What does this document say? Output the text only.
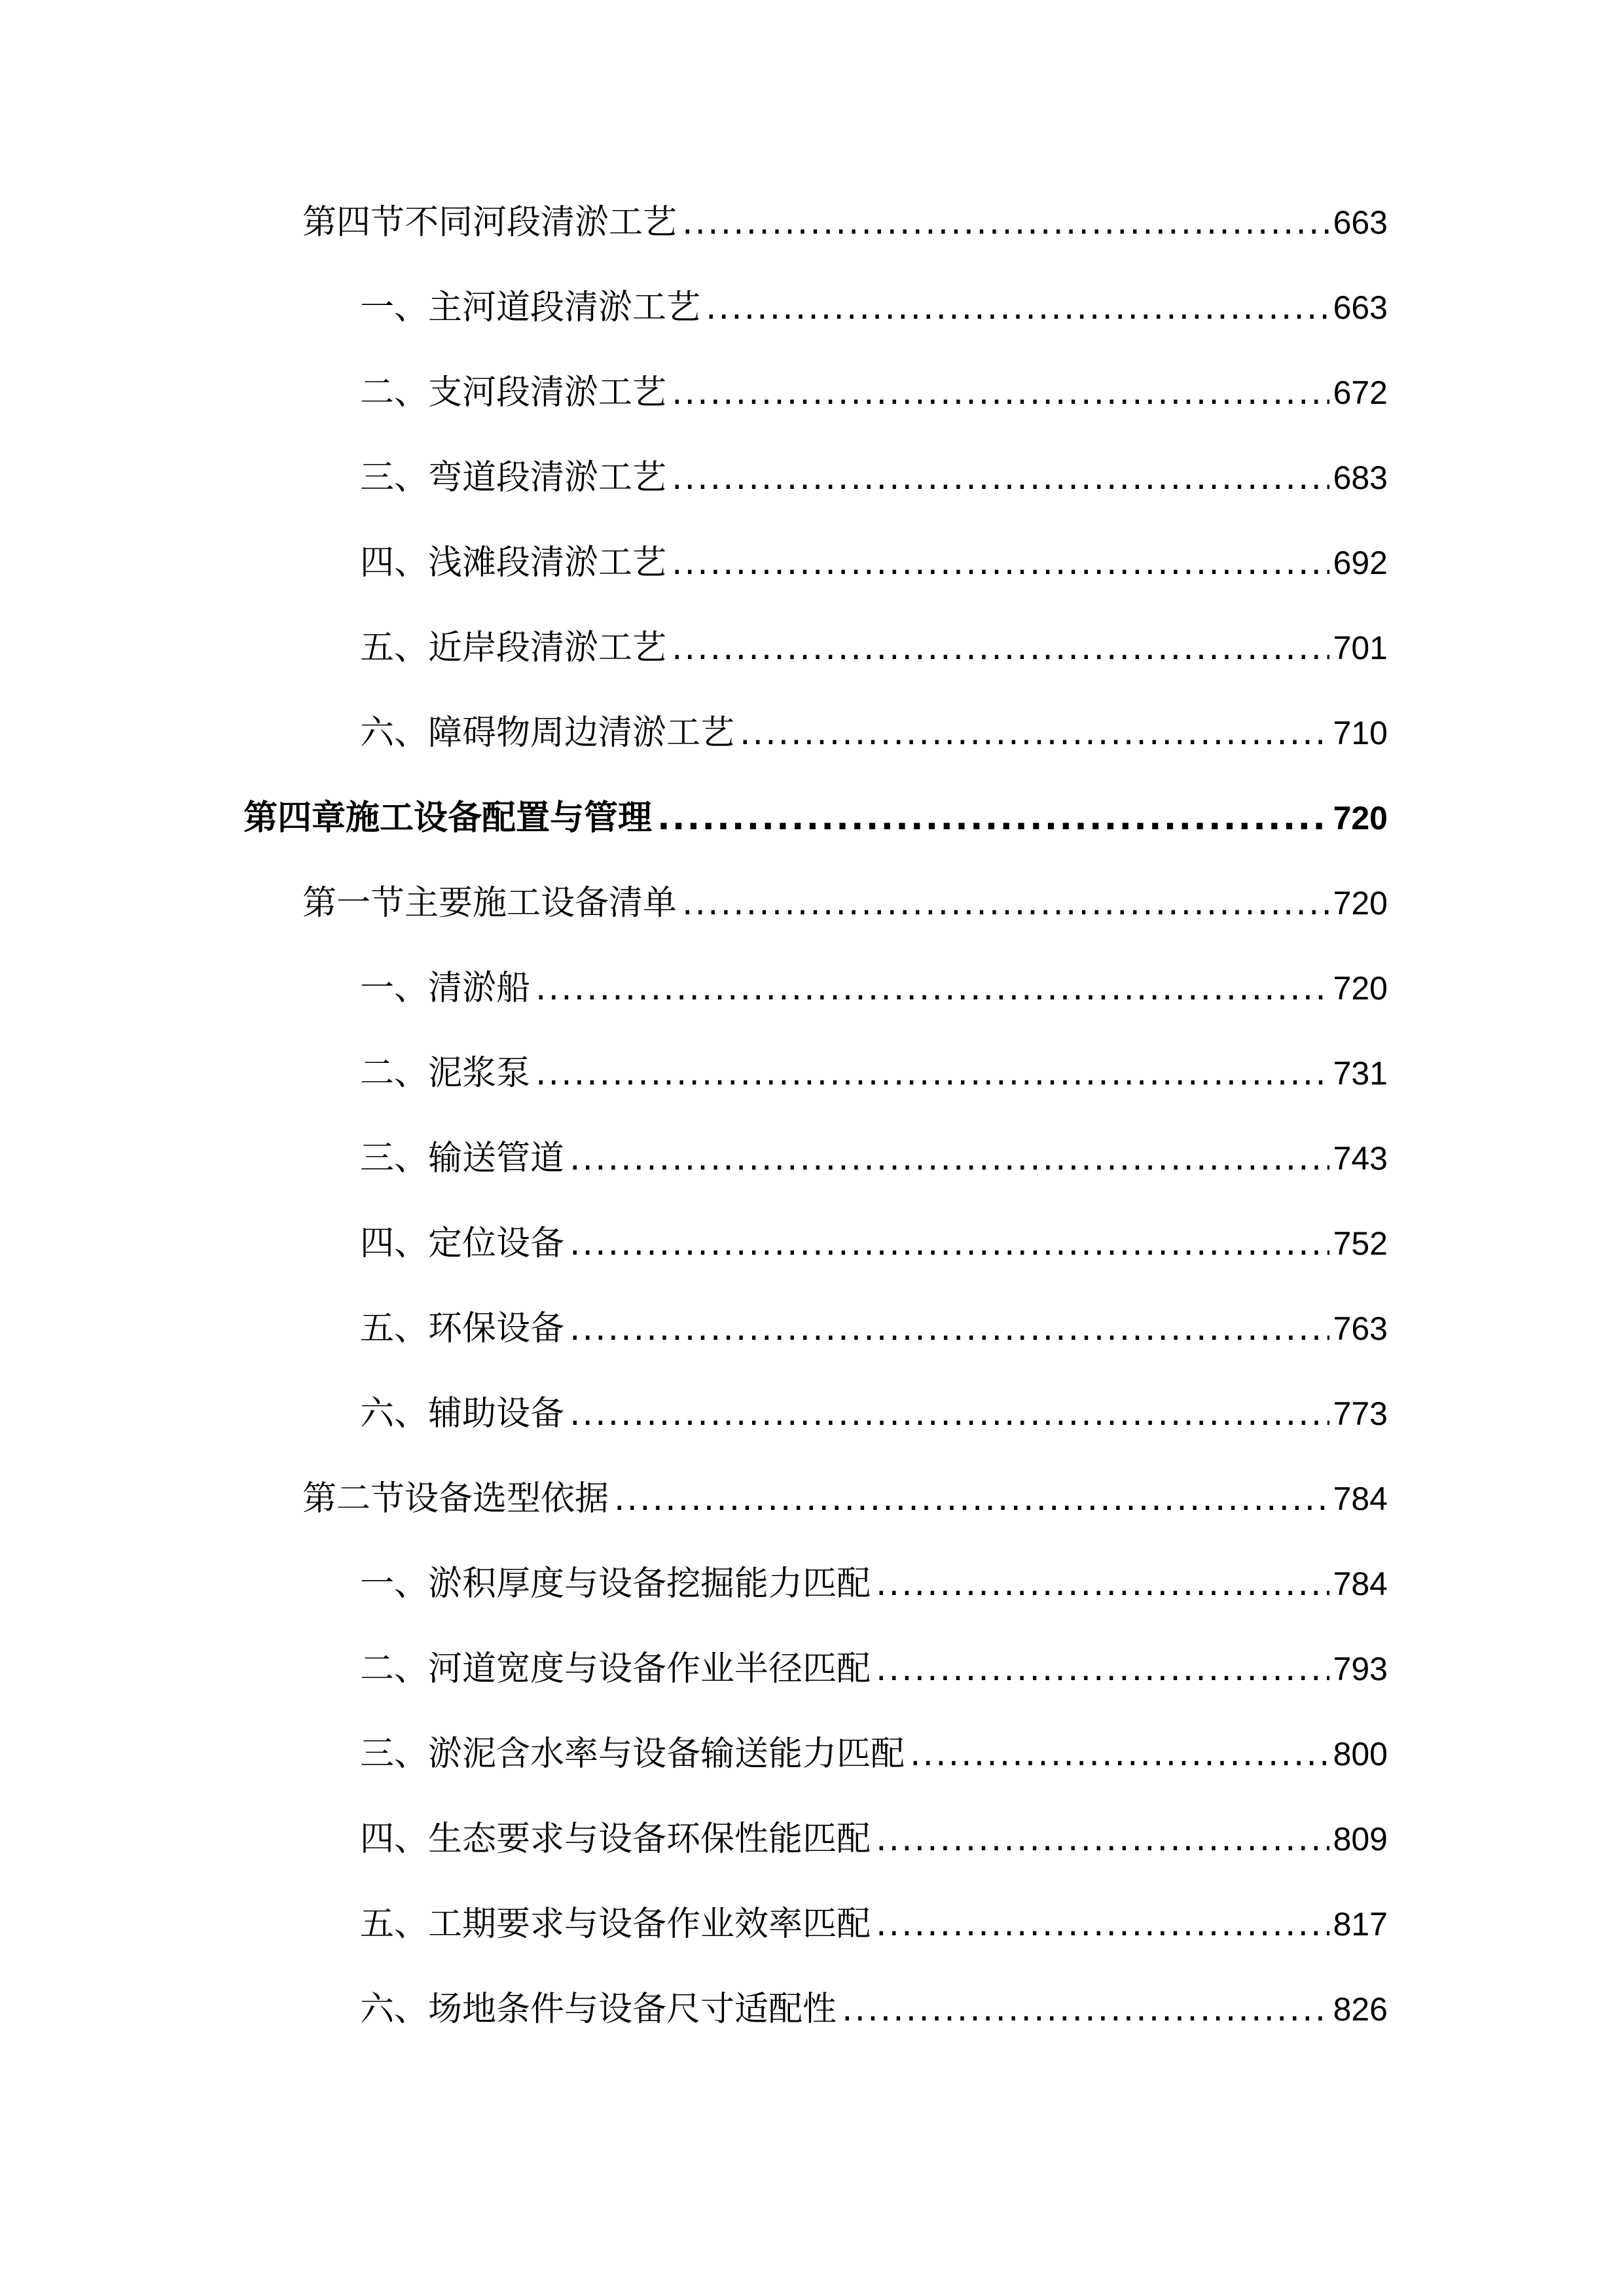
第四节不同河段清淤工艺 .....	663
一、主河道段清淤工艺 .....	663
二、支河段清淤工艺 .....	672
三、弯道段清淤工艺 .....	683
四、浅滩段清淤工艺 .....	692
五、近岸段清淤工艺 .....	701
六、障碍物周边清淤工艺 .....	710
第四章施工设备配置与管理 .....	720
第一节主要施工设备清单 .....	720
一、清淤船 .....	720
二、泥浆泵 .....	731
三、输送管道 .....	743
四、定位设备 .....	752
五、环保设备 .....	763
六、辅助设备 .....	773
第二节设备选型依据 .....	784
一、淤积厚度与设备挖掘能力匹配 .....	784
二、河道宽度与设备作业半径匹配 .....	793
三、淤泥含水率与设备输送能力匹配 .....	800
四、生态要求与设备环保性能匹配 .....	809
五、工期要求与设备作业效率匹配 .....	817
六、场地条件与设备尺寸适配性 .....	826
